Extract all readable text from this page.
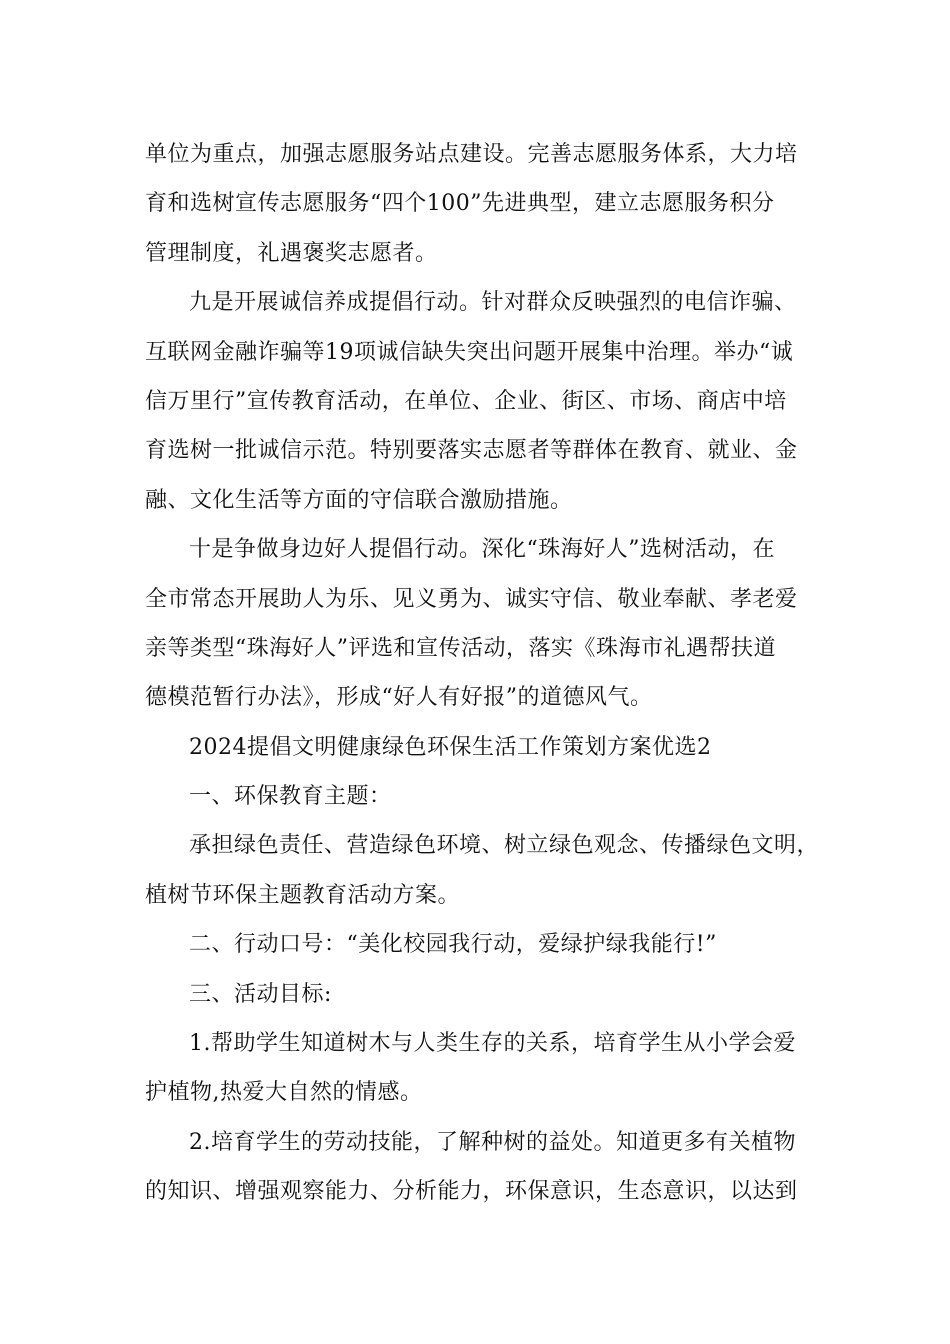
单位为重点，加强志愿服务站点建设。完善志愿服务体系，大力培
育和选树宣传志愿服务“四个100”先进典型，建立志愿服务积分
管理制度，礼遇褒奖志愿者。
九是开展诚信养成提倡行动。针对群众反映强烈的电信诈骗、
互联网金融诈骗等19项诚信缺失突出问题开展集中治理。举办“诚
信万里行”宣传教育活动，在单位、企业、街区、市场、商店中培
育选树一批诚信示范。特别要落实志愿者等群体在教育、就业、金
融、文化生活等方面的守信联合激励措施。
十是争做身边好人提倡行动。深化“珠海好人”选树活动，在
全市常态开展助人为乐、见义勇为、诚实守信、敬业奉献、孝老爱
亲等类型“珠海好人”评选和宣传活动，落实《珠海市礼遇帮扶道
德模范暂行办法》，形成“好人有好报”的道德风气。
2024提倡文明健康绿色环保生活工作策划方案优选2
一、环保教育主题：
承担绿色责任、营造绿色环境、树立绿色观念、传播绿色文明，
植树节环保主题教育活动方案。
二、行动口号：“美化校园我行动，爱绿护绿我能行!”
三、活动目标:
1.帮助学生知道树木与人类生存的关系，培育学生从小学会爱
护植物,热爱大自然的情感。
2.培育学生的劳动技能，了解种树的益处。知道更多有关植物
的知识、增强观察能力、分析能力，环保意识，生态意识，以达到
